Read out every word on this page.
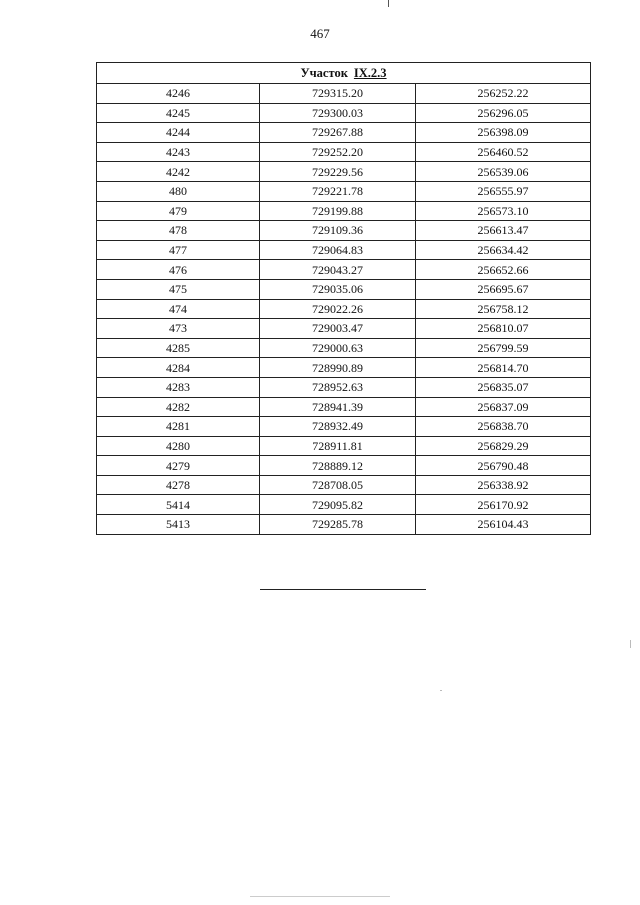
467
Участок IX.2.3		
4246	729315.20	256252.22
4245	729300.03	256296.05
4244	729267.88	256398.09
4243	729252.20	256460.52
4242	729229.56	256539.06
480	729221.78	256555.97
479	729199.88	256573.10
478	729109.36	256613.47
477	729064.83	256634.42
476	729043.27	256652.66
475	729035.06	256695.67
474	729022.26	256758.12
473	729003.47	256810.07
4285	729000.63	256799.59
4284	728990.89	256814.70
4283	728952.63	256835.07
4282	728941.39	256837.09
4281	728932.49	256838.70
4280	728911.81	256829.29
4279	728889.12	256790.48
4278	728708.05	256338.92
5414	729095.82	256170.92
5413	729285.78	256104.43
